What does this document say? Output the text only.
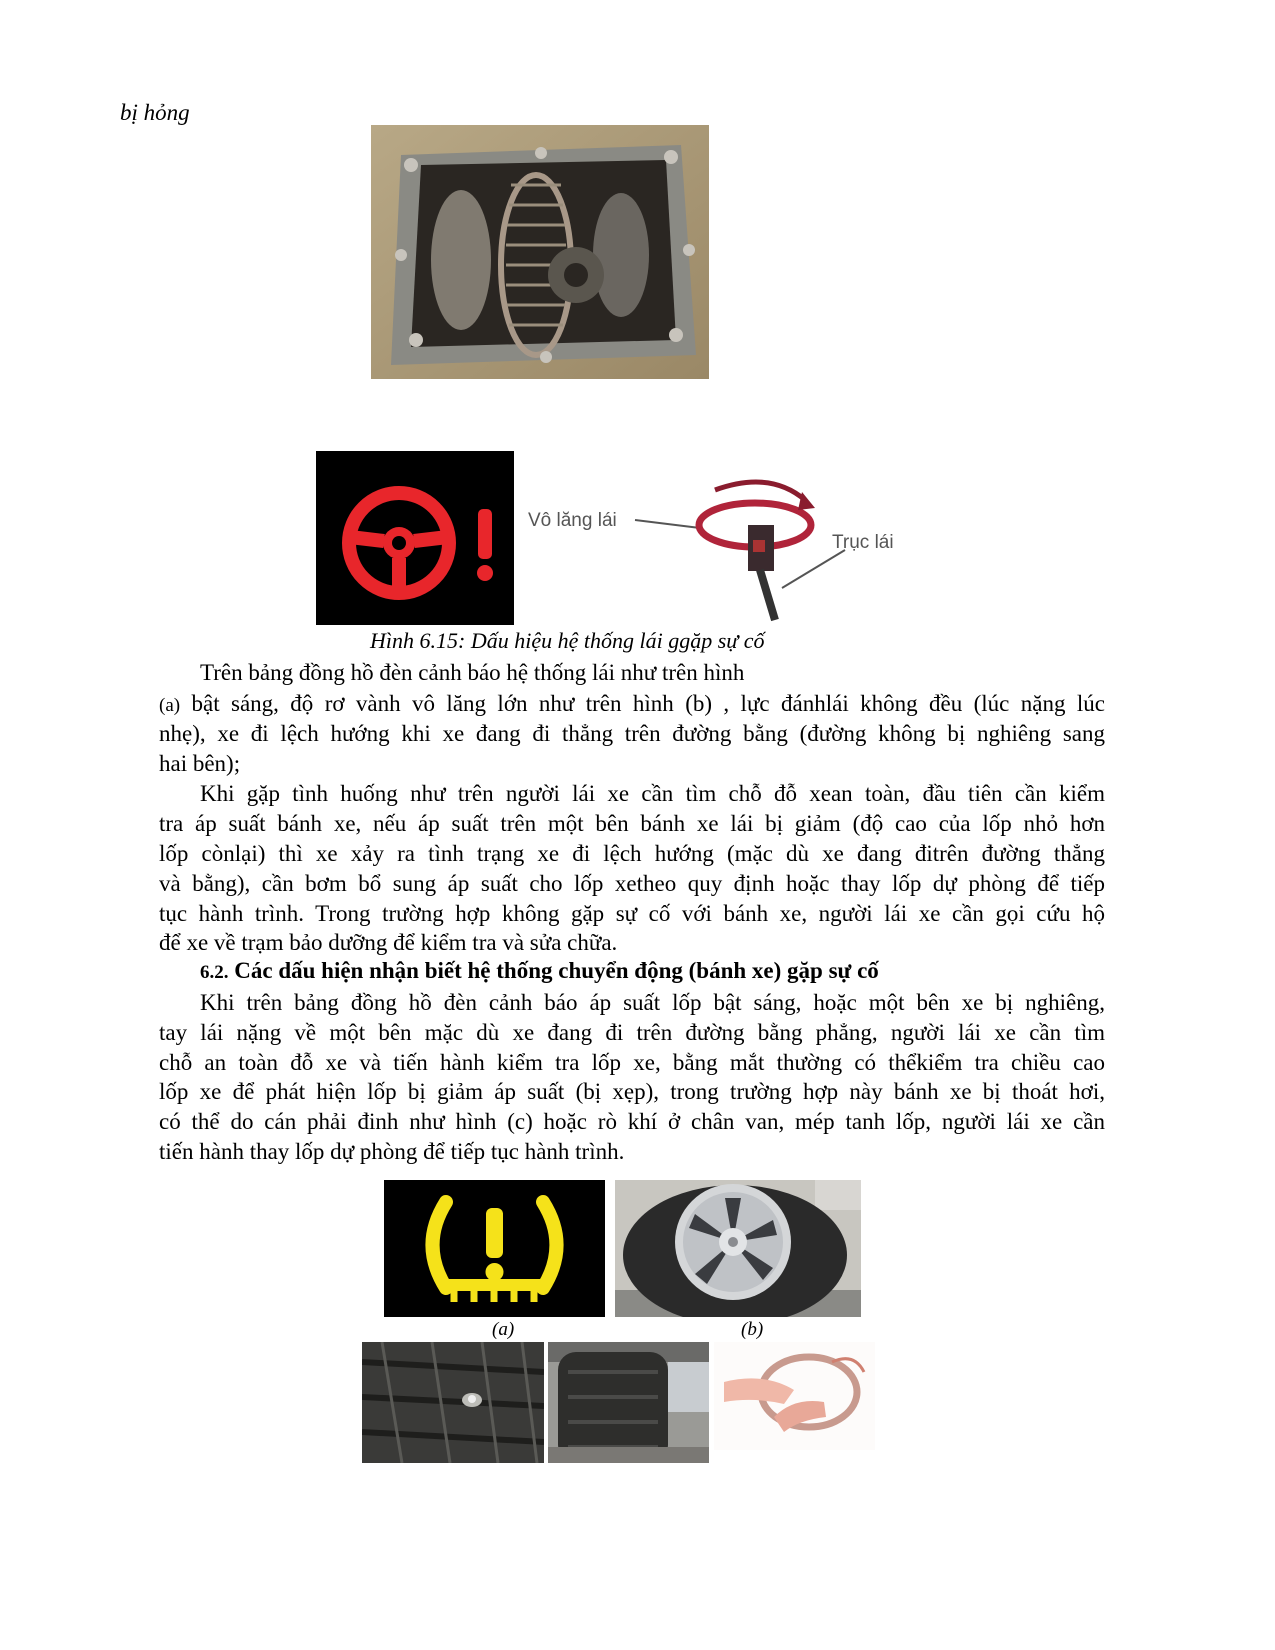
bị hỏng
Vô lăng lái
Trục lái
Hình 6.15: Dấu hiệu hệ thống lái ggặp sự cố
Trên bảng đồng hồ đèn cảnh báo hệ thống lái như trên hình
(a) bật sáng, độ rơ vành vô lăng lớn như trên hình (b) , lực đánhlái không đều (lúc nặng lúc
nhẹ), xe đi lệch hướng khi xe đang đi thẳng trên đường bằng (đường không bị nghiêng sang
hai bên);
Khi gặp tình huống như trên người lái xe cần tìm chỗ đỗ xean toàn, đầu tiên cần kiểm
tra áp suất bánh xe, nếu áp suất trên một bên bánh xe lái bị giảm (độ cao của lốp nhỏ hơn
lốp cònlại) thì xe xảy ra tình trạng xe đi lệch hướng (mặc dù xe đang đitrên đường thẳng
và bằng), cần bơm bổ sung áp suất cho lốp xetheo quy định hoặc thay lốp dự phòng để tiếp
tục hành trình. Trong trường hợp không gặp sự cố với bánh xe, người lái xe cần gọi cứu hộ
để xe về trạm bảo dưỡng để kiểm tra và sửa chữa.
6.2. Các dấu hiện nhận biết hệ thống chuyển động (bánh xe) gặp sự cố
Khi trên bảng đồng hồ đèn cảnh báo áp suất lốp bật sáng, hoặc một bên xe bị nghiêng,
tay lái nặng về một bên mặc dù xe đang đi trên đường bằng phẳng, người lái xe cần tìm
chỗ an toàn đỗ xe và tiến hành kiểm tra lốp xe, bằng mắt thường có thểkiểm tra chiều cao
lốp xe để phát hiện lốp bị giảm áp suất (bị xẹp), trong trường hợp này bánh xe bị thoát hơi,
có thể do cán phải đinh như hình (c) hoặc rò khí ở chân van, mép tanh lốp, người lái xe cần
tiến hành thay lốp dự phòng để tiếp tục hành trình.
(a)	(b)
